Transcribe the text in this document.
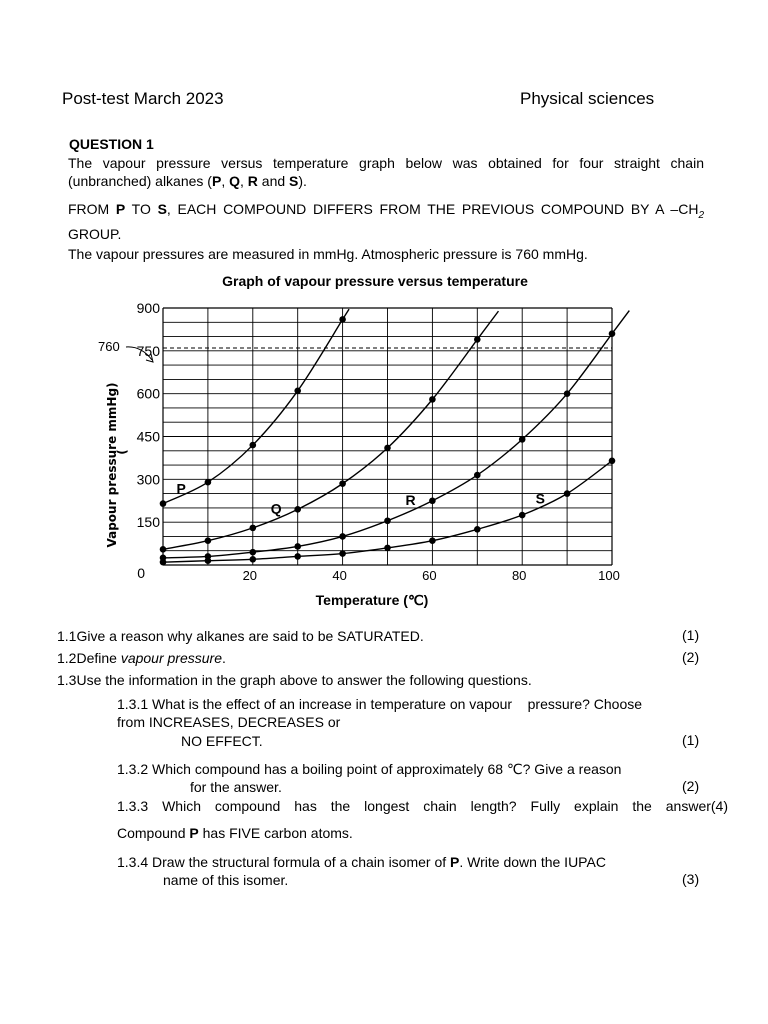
Post-test March 2023	Physical sciences
QUESTION 1
The vapour pressure versus temperature graph below was obtained for four straight chain (unbranched) alkanes (P, Q, R and S).
FROM P TO S, EACH COMPOUND DIFFERS FROM THE PREVIOUS COMPOUND BY A $-CH_2$ GROUP.
The vapour pressures are measured in mmHg. Atmospheric pressure is 760 mmHg.
Graph of vapour pressure versus temperature
760
0
150
300
450
600
750
900
20	40	60	80	100
P
Q
R	S
Temperature (℃)
Vapour pressure mmHg)
(
1.1Give a reason why alkanes are said to be SATURATED.	(1)
1.2Define vapour pressure.	(2)
1.3Use the information in the graph above to answer the following questions.
1.3.1 What is the effect of an increase in temperature on vapour    pressure? Choose
from INCREASES, DECREASES or
NO EFFECT.	(1)
1.3.2 Which compound has a boiling point of approximately 68 ℃? Give a reason
for the answer.	(2)
1.3.3 Which compound has the longest chain length? Fully explain the answer(4)
Compound P has FIVE carbon atoms.
1.3.4 Draw the structural formula of a chain isomer of P. Write down the IUPAC
name of this isomer.	(3)
